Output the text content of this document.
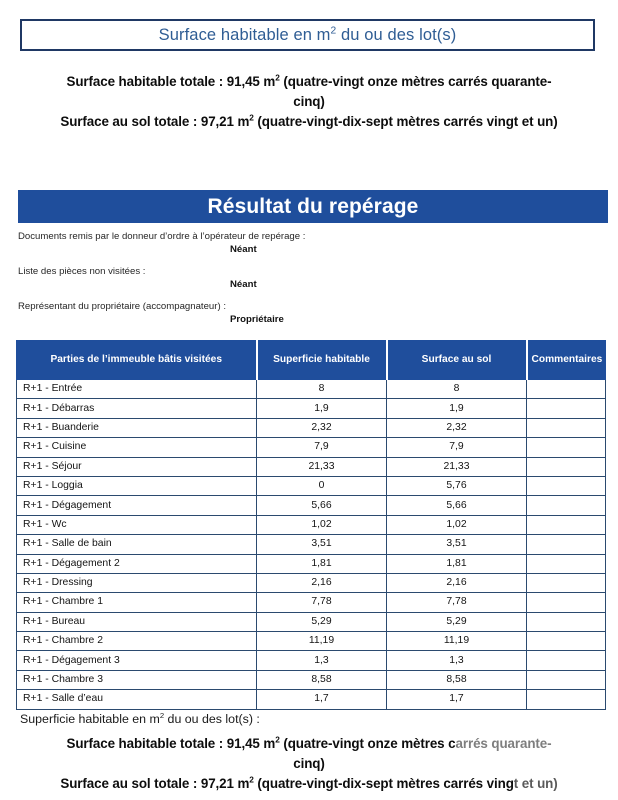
Surface habitable en $m^2$ du ou des lot(s)
Surface habitable totale : 91,45 $m^2$ (quatre-vingt onze mètres carrés quarante-
cinq)
Surface au sol totale : 97,21 $m^2$ (quatre-vingt-dix-sept mètres carrés vingt et un)
Résultat du repérage
Documents remis par le donneur d’ordre à l’opérateur de repérage :
Néant
Liste des pièces non visitées :
Néant
Représentant du propriétaire (accompagnateur) :
Propriétaire
Parties de l’immeuble bâtis visitées	Superficie habitable	Surface au sol	Commentaires
R+1 - Entrée	8	8	
R+1 - Débarras	1,9	1,9	
R+1 - Buanderie	2,32	2,32	
R+1 - Cuisine	7,9	7,9	
R+1 - Séjour	21,33	21,33	
R+1 - Loggia	0	5,76	
R+1 - Dégagement	5,66	5,66	
R+1 - Wc	1,02	1,02	
R+1 - Salle de bain	3,51	3,51	
R+1 - Dégagement 2	1,81	1,81	
R+1 - Dressing	2,16	2,16	
R+1 - Chambre 1	7,78	7,78	
R+1 - Bureau	5,29	5,29	
R+1 - Chambre 2	11,19	11,19	
R+1 - Dégagement 3	1,3	1,3	
R+1 - Chambre 3	8,58	8,58	
R+1 - Salle d’eau	1,7	1,7	
Superficie habitable en $m^2$ du ou des lot(s) :
Surface habitable totale : 91,45 $m^2$ (quatre-vingt onze mètres carrés quarante-
cinq)
Surface au sol totale : 97,21 $m^2$ (quatre-vingt-dix-sept mètres carrés vingt et un)
